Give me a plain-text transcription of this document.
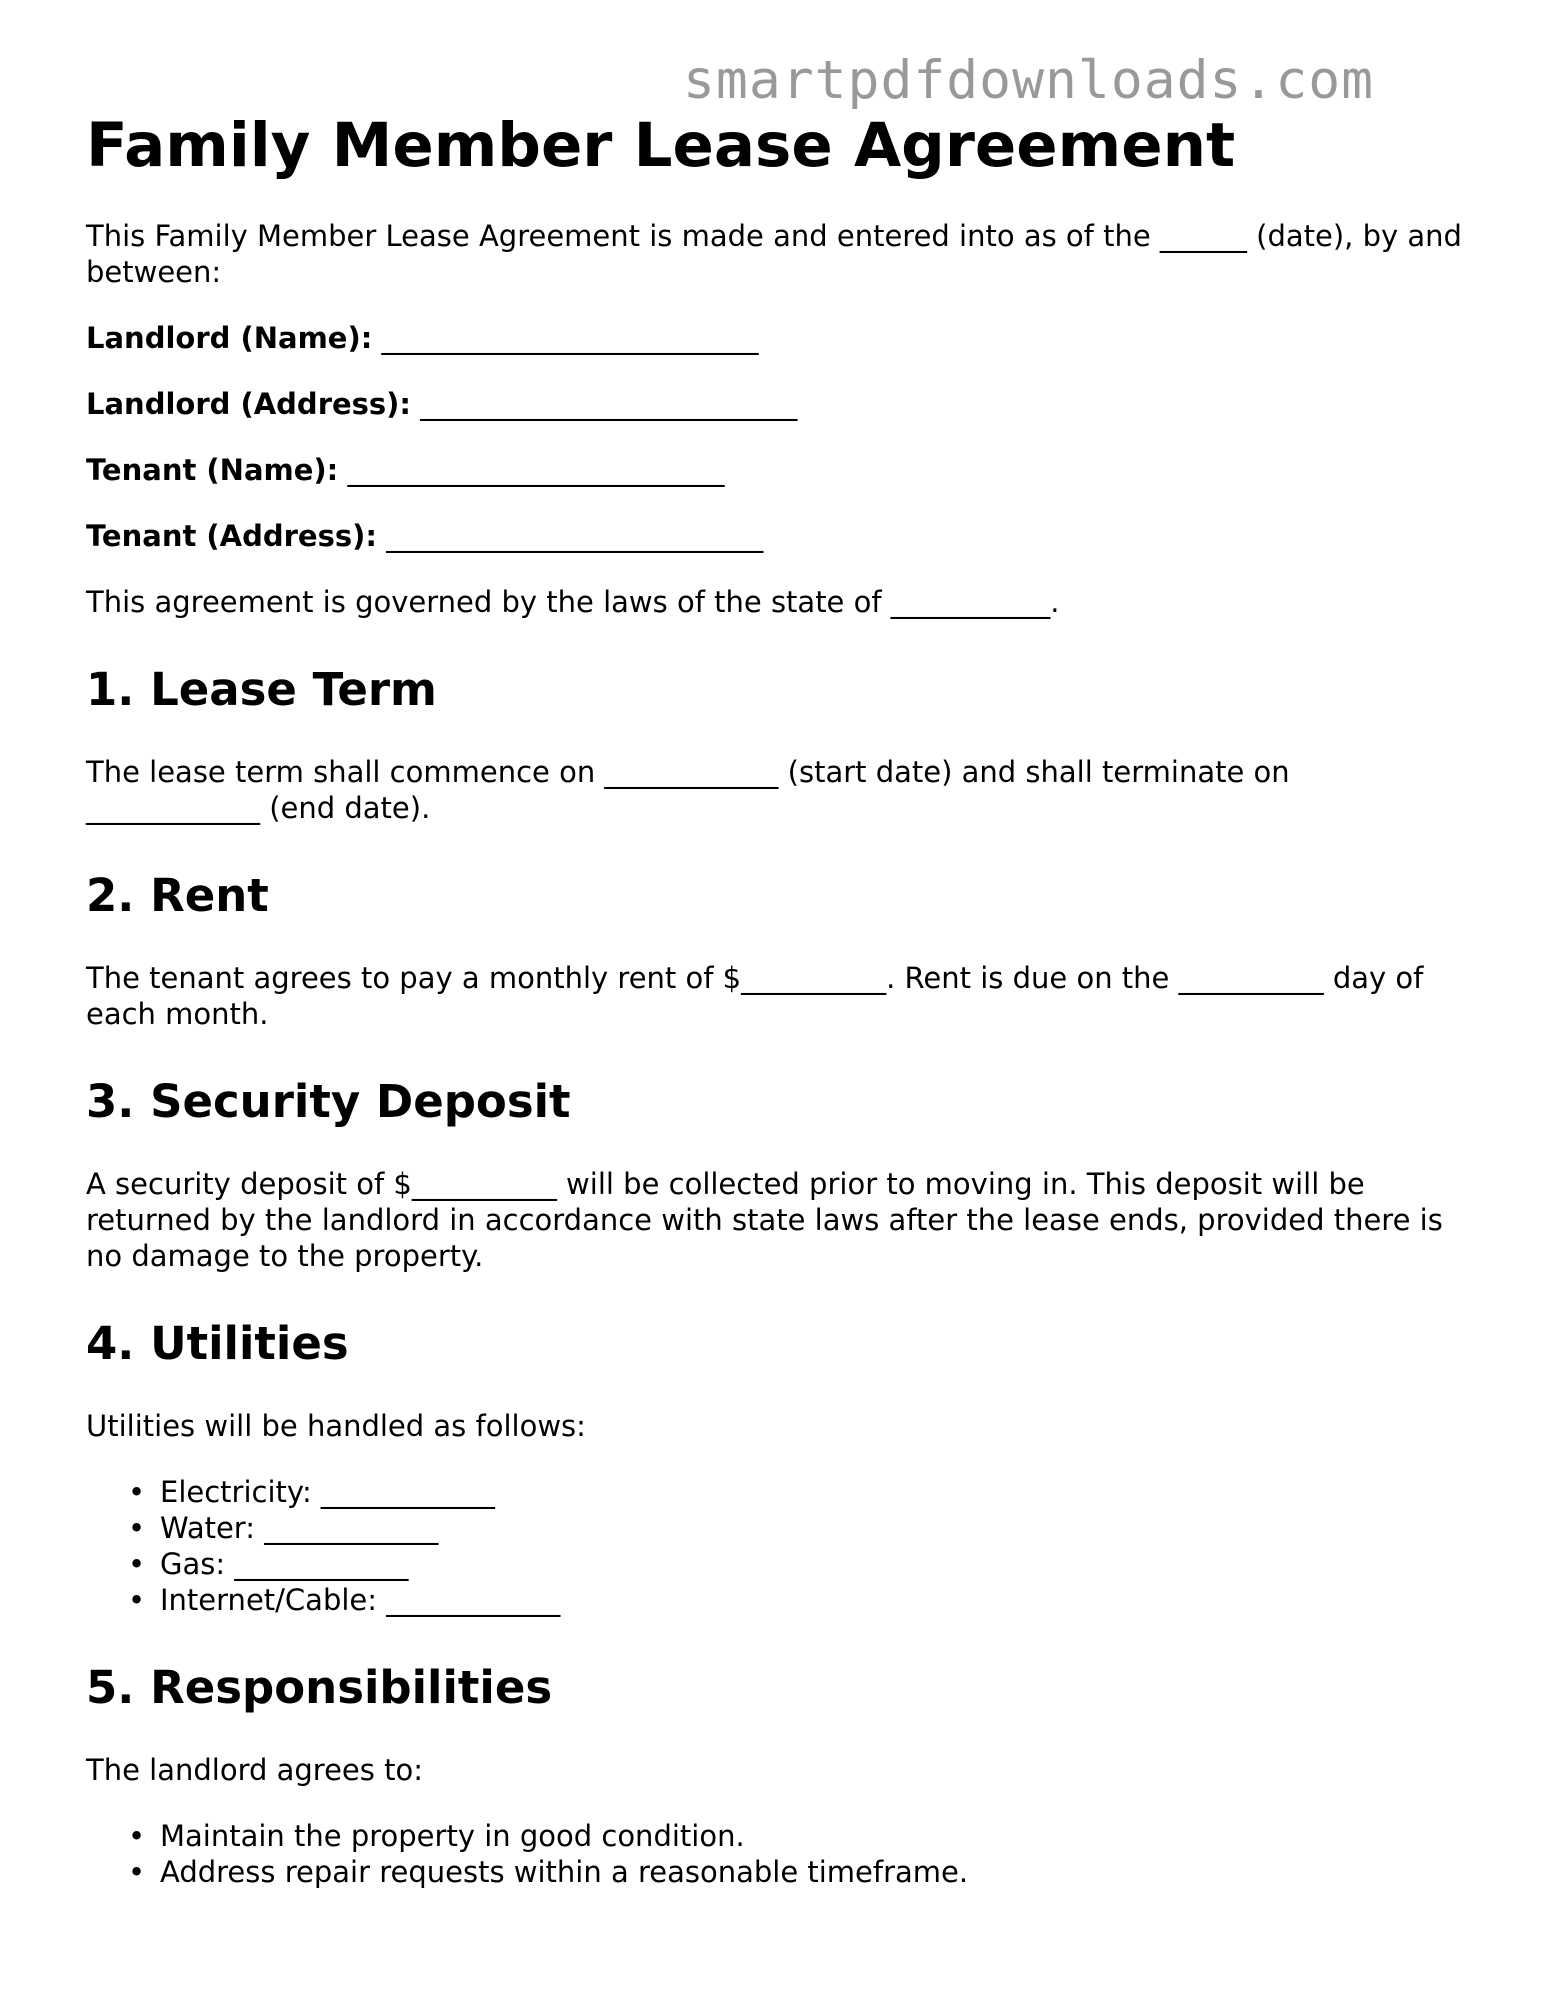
smartpdfdownloads.com
Family Member Lease Agreement

This Family Member Lease Agreement is made and entered into as of the ______ (date), by and between:

Landlord (Name): __________________________
Landlord (Address): __________________________
Tenant (Name): __________________________
Tenant (Address): __________________________

This agreement is governed by the laws of the state of ___________.

1. Lease Term

The lease term shall commence on ____________ (start date) and shall terminate on ____________ (end date).

2. Rent

The tenant agrees to pay a monthly rent of $__________. Rent is due on the __________ day of each month.

3. Security Deposit

A security deposit of $__________ will be collected prior to moving in. This deposit will be returned by the landlord in accordance with state laws after the lease ends, provided there is no damage to the property.

4. Utilities

Utilities will be handled as follows:

• Electricity: ____________
• Water: ____________
• Gas: ____________
• Internet/Cable: ____________
5. Responsibilities

The landlord agrees to:

• Maintain the property in good condition.
• Address repair requests within a reasonable timeframe.
